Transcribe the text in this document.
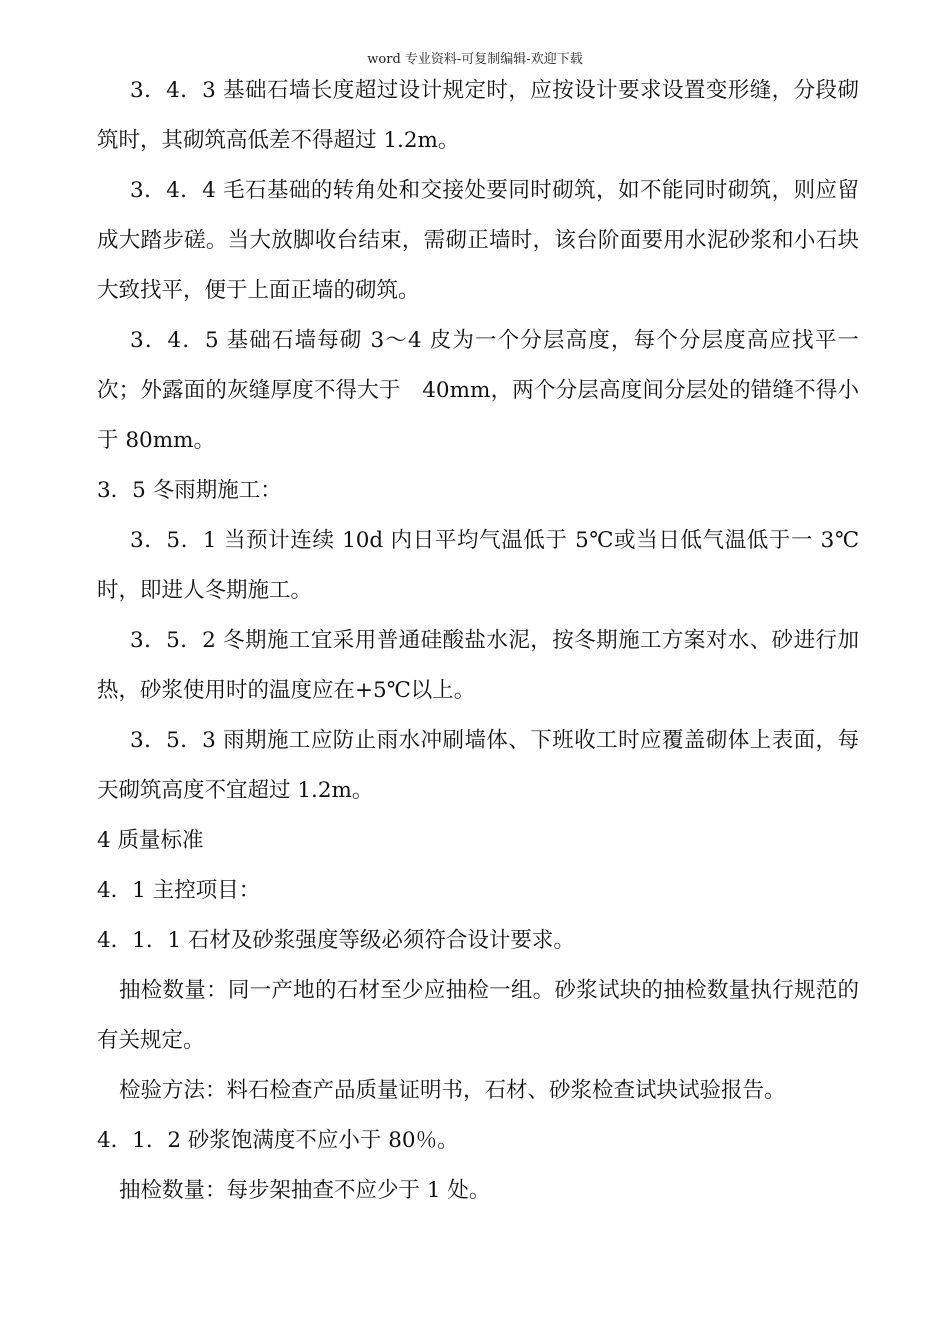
word 专业资料-可复制编辑-欢迎下载

3．4．3 基础石墙长度超过设计规定时，应按设计要求设置变形缝，分段砌筑时，其砌筑高低差不得超过 1.2m。

3．4．4 毛石基础的转角处和交接处要同时砌筑，如不能同时砌筑，则应留成大踏步磋。当大放脚收台结束，需砌正墙时，该台阶面要用水泥砂浆和小石块大致找平，便于上面正墙的砌筑。

3．4．5 基础石墙每砌 3～4 皮为一个分层高度，每个分层度高应找平一次；外露面的灰缝厚度不得大于　40mm，两个分层高度间分层处的错缝不得小于 80mm。

3．5 冬雨期施工：

3．5．1 当预计连续 10d 内日平均气温低于 5℃或当日低气温低于一 3℃时，即进人冬期施工。

3．5．2 冬期施工宜采用普通硅酸盐水泥，按冬期施工方案对水、砂进行加热，砂浆使用时的温度应在+5℃以上。

3．5．3 雨期施工应防止雨水冲刷墙体、下班收工时应覆盖砌体上表面，每天砌筑高度不宜超过 1.2m。

4 质量标准

4．1 主控项目：

4．1．1 石材及砂浆强度等级必须符合设计要求。

抽检数量：同一产地的石材至少应抽检一组。砂浆试块的抽检数量执行规范的有关规定。

检验方法：料石检查产品质量证明书，石材、砂浆检查试块试验报告。

4．1．2 砂浆饱满度不应小于 80％。

抽检数量：每步架抽查不应少于 1 处。
